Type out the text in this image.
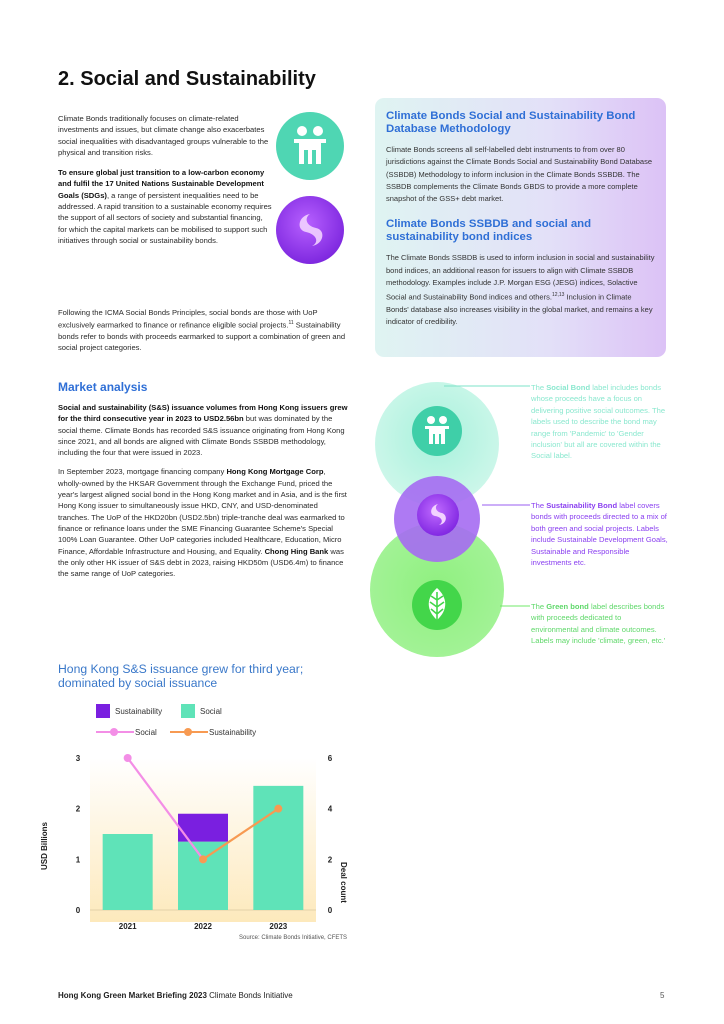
2. Social and Sustainability

Climate Bonds traditionally focuses on climate-related investments and issues, but climate change also exacerbates social inequalities with disadvantaged groups vulnerable to the physical and transition risks.

To ensure global just transition to a low-carbon economy and fulfil the 17 United Nations Sustainable Development Goals (SDGs), a range of persistent inequalities need to be addressed. A rapid transition to a sustainable economy requires the support of all sectors of society and substantial financing, for which the capital markets can be mobilised to support such initiatives through social or sustainability bonds.

Following the ICMA Social Bonds Principles, social bonds are those with UoP exclusively earmarked to finance or refinance eligible social projects.$^{11}$ Sustainability bonds refer to bonds with proceeds earmarked to support a combination of green and social project categories.

Climate Bonds Social and Sustainability Bond Database Methodology
Climate Bonds screens all self-labelled debt instruments to from over 80 jurisdictions against the Climate Bonds Social and Sustainability Bond Database (SSBDB) Methodology to inform inclusion in the Climate Bonds SSBDB. The SSBDB complements the Climate Bonds GBDS to provide a more complete snapshot of the GSS+ debt market.
Climate Bonds SSBDB and social and sustainability bond indices
The Climate Bonds SSBDB is used to inform inclusion in social and sustainability bond indices, an additional reason for issuers to align with Climate SSBDB methodology. Examples include J.P. Morgan ESG (JESG) indices, Solactive Social and Sustainability Bond indices and others.$^{12,13}$ Inclusion in Climate Bonds' database also increases visibility in the global market, and remains a key indicator of credibility.
Market analysis

Social and sustainability (S&S) issuance volumes from Hong Kong issuers grew for the third consecutive year in 2023 to USD2.56bn but was dominated by the social theme. Climate Bonds has recorded S&S issuance originating from Hong Kong since 2021, and all bonds are aligned with Climate Bonds SSBDB methodology, including the four that were issued in 2023.

In September 2023, mortgage financing company Hong Kong Mortgage Corp, wholly-owned by the HKSAR Government through the Exchange Fund, priced the year's largest aligned social bond in the Hong Kong market and in Asia, and is the first Hong Kong issuer to simultaneously issue HKD, CNY, and USD-denominated tranches. The UoP of the HKD20bn (USD2.5bn) triple-tranche deal was earmarked to finance or refinance loans under the SME Financing Guarantee Scheme's Special 100% Loan Guarantee. Other UoP categories included Healthcare, Education, Micro Finance, Affordable Infrastructure and Housing, and Equality. Chong Hing Bank was the only other HK issuer of S&S debt in 2023, raising HKD50m (USD6.4m) to finance the same range of UoP categories.

The Social Bond label includes bonds whose proceeds have a focus on delivering positive social outcomes. The labels used to describe the bond may range from 'Pandemic' to 'Gender inclusion' but all are covered within the Social label.
The Sustainability Bond label covers bonds with proceeds directed to a mix of both green and social projects. Labels include Sustainable Development Goals, Sustainable and Responsible investments etc.
The Green bond label describes bonds with proceeds dedicated to environmental and climate outcomes. Labels may include 'climate, green, etc.'
Hong Kong S&S issuance grew for third year; dominated by social issuance
Sustainability	Social
Social	Sustainability
3
2
1
0
6
4
2
0
2021	2022	2023
USD Billions
Deal count
Source: Climate Bonds Initiative, CFETS
Hong Kong Green Market Briefing 2023 Climate Bonds Initiative	5
